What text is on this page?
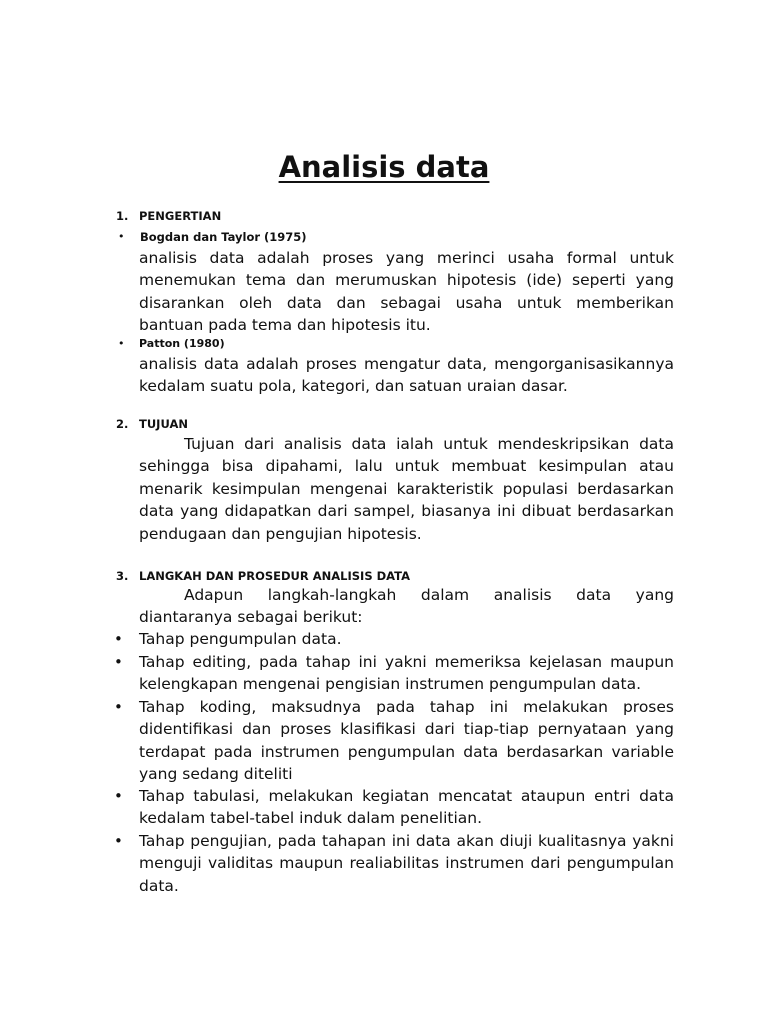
Analisis data
1. PENGERTIAN
• Bogdan dan Taylor (1975)
analisis data adalah proses yang merinci usaha formal untuk menemukan tema dan merumuskan hipotesis (ide) seperti yang disarankan oleh data dan sebagai usaha untuk memberikan bantuan pada tema dan hipotesis itu.
• Patton (1980)
analisis data adalah proses mengatur data, mengorganisasikannya kedalam suatu pola, kategori, dan satuan uraian dasar.
2. TUJUAN
Tujuan dari analisis data ialah untuk mendeskripsikan data sehingga bisa dipahami, lalu untuk membuat kesimpulan atau menarik kesimpulan mengenai karakteristik populasi berdasarkan data yang didapatkan dari sampel, biasanya ini dibuat berdasarkan pendugaan dan pengujian hipotesis.
3. LANGKAH DAN PROSEDUR ANALISIS DATA
Adapun langkah-langkah dalam analisis data yang diantaranya sebagai berikut:
• Tahap pengumpulan data.
• Tahap editing, pada tahap ini yakni memeriksa kejelasan maupun kelengkapan mengenai pengisian instrumen pengumpulan data.
• Tahap koding, maksudnya pada tahap ini melakukan proses didentifikasi dan proses klasifikasi dari tiap-tiap pernyataan yang terdapat pada instrumen pengumpulan data berdasarkan variable yang sedang diteliti
• Tahap tabulasi, melakukan kegiatan mencatat ataupun entri data kedalam tabel-tabel induk dalam penelitian.
• Tahap pengujian, pada tahapan ini data akan diuji kualitasnya yakni menguji validitas maupun realiabilitas instrumen dari pengumpulan data.
